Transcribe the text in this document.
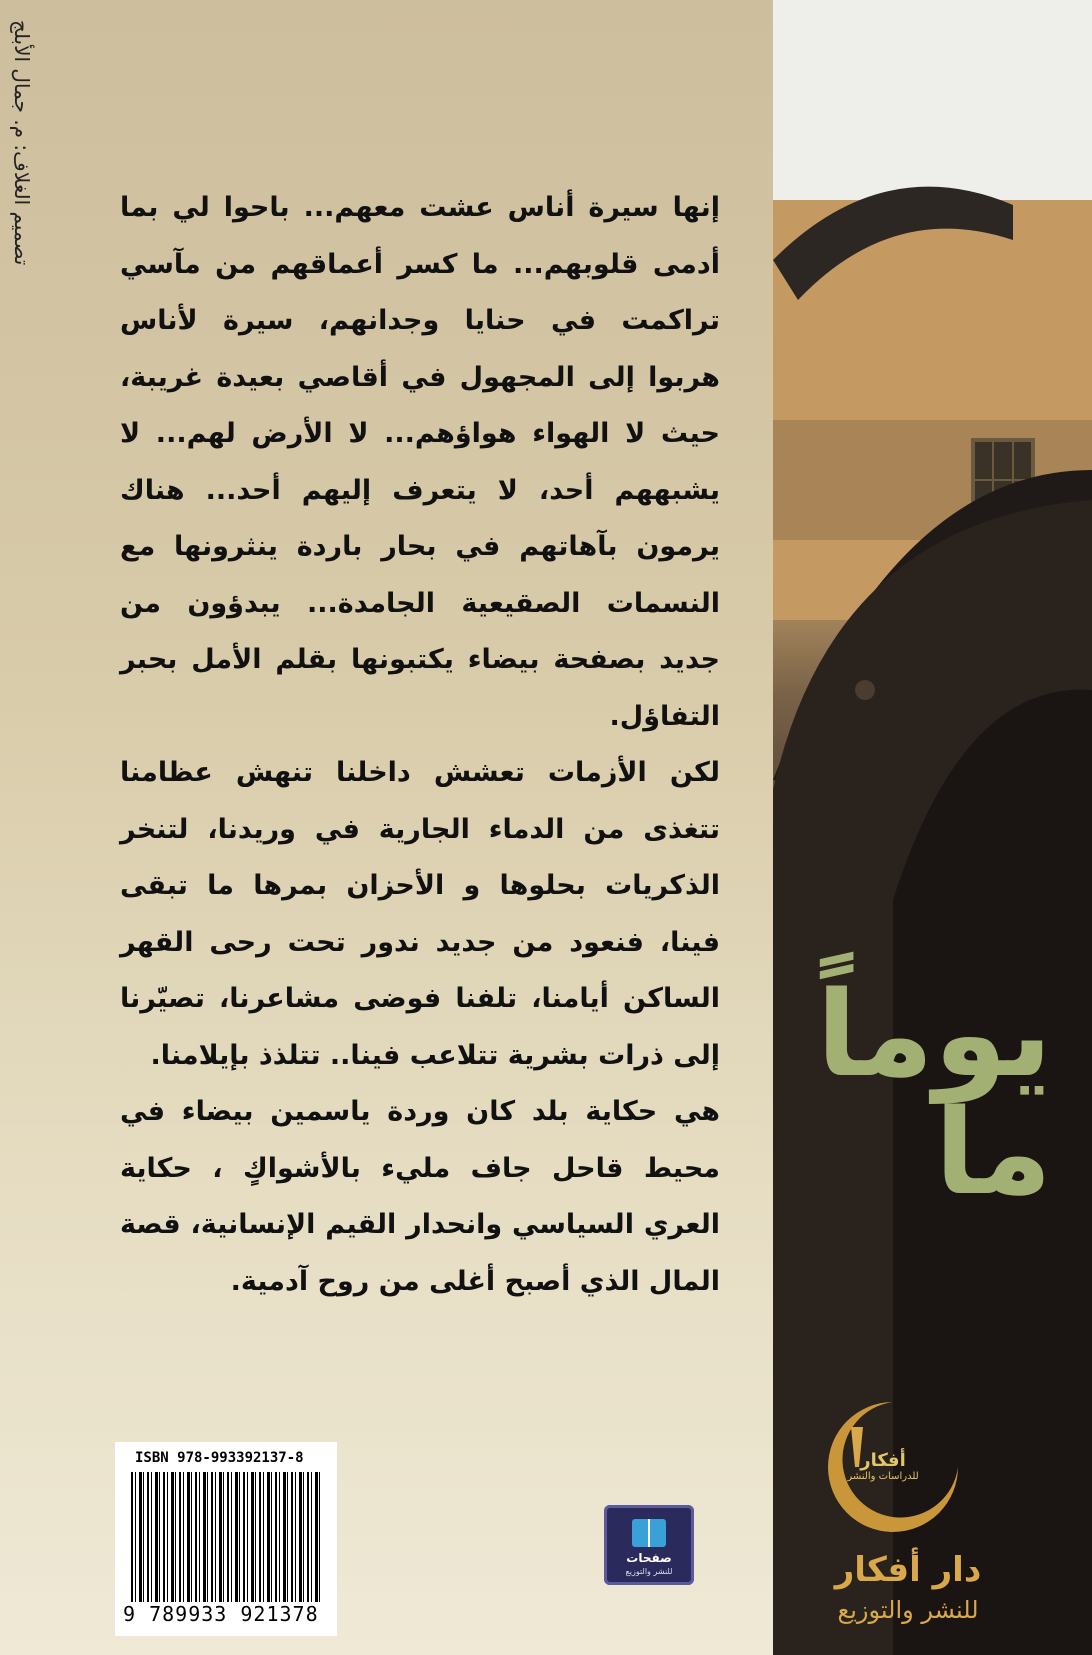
إنها سيرة أناس عشت معهم... باحوا لي بما أدمى قلوبهم... ما كسر أعماقهم من مآسي تراكمت في حنايا وجدانهم، سيرة لأناس هربوا إلى المجهول في أقاصي بعيدة غريبة، حيث لا الهواء هواؤهم... لا الأرض لهم... لا يشبههم أحد، لا يتعرف إليهم أحد... هناك يرمون بآهاتهم في بحار باردة ينثرونها مع النسمات الصقيعية الجامدة... يبدؤون من جديد بصفحة بيضاء يكتبونها بقلم الأمل بحبر التفاؤل.

لكن الأزمات تعشش داخلنا تنهش عظامنا تتغذى من الدماء الجارية في وريدنا، لتنخر الذكريات بحلوها و الأحزان بمرها ما تبقى فينا، فنعود من جديد ندور تحت رحى القهر الساكن أيامنا، تلفنا فوضى مشاعرنا، تصيّرنا إلى ذرات بشرية تتلاعب فينا.. تتلذذ بإيلامنا.

هي حكاية بلد كان وردة ياسمين بيضاء في محيط قاحل جاف مليء بالأشواكٍ ، حكاية العري السياسي وانحدار القيم الإنسانية، قصة المال الذي أصبح أغلى من روح آدمية.

تصميم الغلاف: م. جمال الأبلج
ISBN 978-993392137-8
9 789933 921378
صفحات
للنشر والتوزيع
يوماً
ما
أفكار
للدراسات والنشر
دار أفكار
للنشر والتوزيع
